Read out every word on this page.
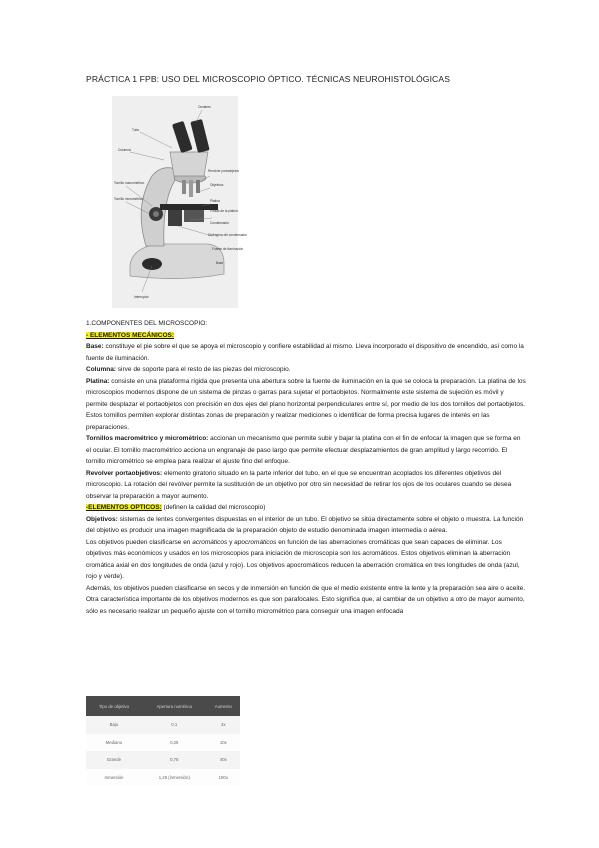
PRÁCTICA 1 FPB: USO DEL MICROSCOPIO ÓPTICO. TÉCNICAS NEUROHISTOLÓGICAS
Oculares
Tubo
Columna
Revólver portaobjetos
Objetivos
Platina
Pinzas de la platina
Tornillo macrométrico
Tornillo micrométrico
Condensador
Diafragma del condensador
Fuente de iluminación
Base
Interruptor

1.COMPONENTES DEL MICROSCOPIO:

- ELEMENTOS MECÁNICOS:

Base: constituye el pie sobre el que se apoya el microscopio y confiere estabilidad al mismo. Lleva incorporado el dispositivo de encendido, así como la fuente de iluminación.

Columna: sirve de soporte para el resto de las piezas del microscopio.

Platina: consiste en una plataforma rígida que presenta una abertura sobre la fuente de iluminación en la que se coloca la preparación. La platina de los microscopios modernos dispone de un sistema de pinzas o garras para sujetar el portaobjetos. Normalmente este sistema de sujeción es móvil y permite desplazar el portaobjetos con precisión en dos ejes del plano horizontal perpendiculares entre sí, por medio de los dos tornillos del portaobjetos. Estos tornillos permiten explorar distintas zonas de preparación y realizar mediciones o identificar de forma precisa lugares de interés en las preparaciones.

Tornillos macrométrico y micrométrico: accionan un mecanismo que permite subir y bajar la platina con el fin de enfocar la imagen que se forma en el ocular. El tornillo macrométrico acciona un engranaje de paso largo que permite efectuar desplazamientos de gran amplitud y largo recorrido. El tornillo micrométrico se emplea para realizar el ajuste fino del enfoque.

Revolver portaobjetivos: elemento giratorio situado en la parte inferior del tubo, en el que se encuentran acoplados los diferentes objetivos del microscopio. La rotación del revólver permite la sustitución de un objetivo por otro sin necesidad de retirar los ojos de los oculares cuando se desea observar la preparación a mayor aumento.

-ELEMENTOS OPTICOS: (definen la calidad del microscopio)

Objetivos: sistemas de lentes convergentes dispuestas en el interior de un tubo. El objetivo se sitúa directamente sobre el objeto o muestra. La función del objetivo es producir una imagen magnificada de la preparación objeto de estudio denominada imagen intermedia o aérea.

Los objetivos pueden clasificarse en acromáticos y apocromáticos en función de las aberraciones cromáticas que sean capaces de eliminar. Los objetivos más económicos y usados en los microscopios para iniciación de microscopía son los acromáticos. Estos objetivos eliminan la aberración cromática axial en dos longitudes de onda (azul y rojo). Los objetivos apocromáticos reducen la aberración cromática en tres longitudes de onda (azul, rojo y verde).

Además, los objetivos pueden clasificarse en secos y de inmersión en función de que el medio existente entre la lente y la preparación sea aire o aceite.

Otra característica importante de los objetivos modernos es que son parafocales. Esto significa que, al cambiar de un objetivo a otro de mayor aumento, sólo es necesario realizar un pequeño ajuste con el tornillo micrométrico para conseguir una imagen enfocada

Tipo de objetivo	Apertura numérica	Aumento
Bajo	0,1	4x
Mediano	0,25	10x
Grande	0,75	40x
Inmersión	1,25 (inmersión)	100x
